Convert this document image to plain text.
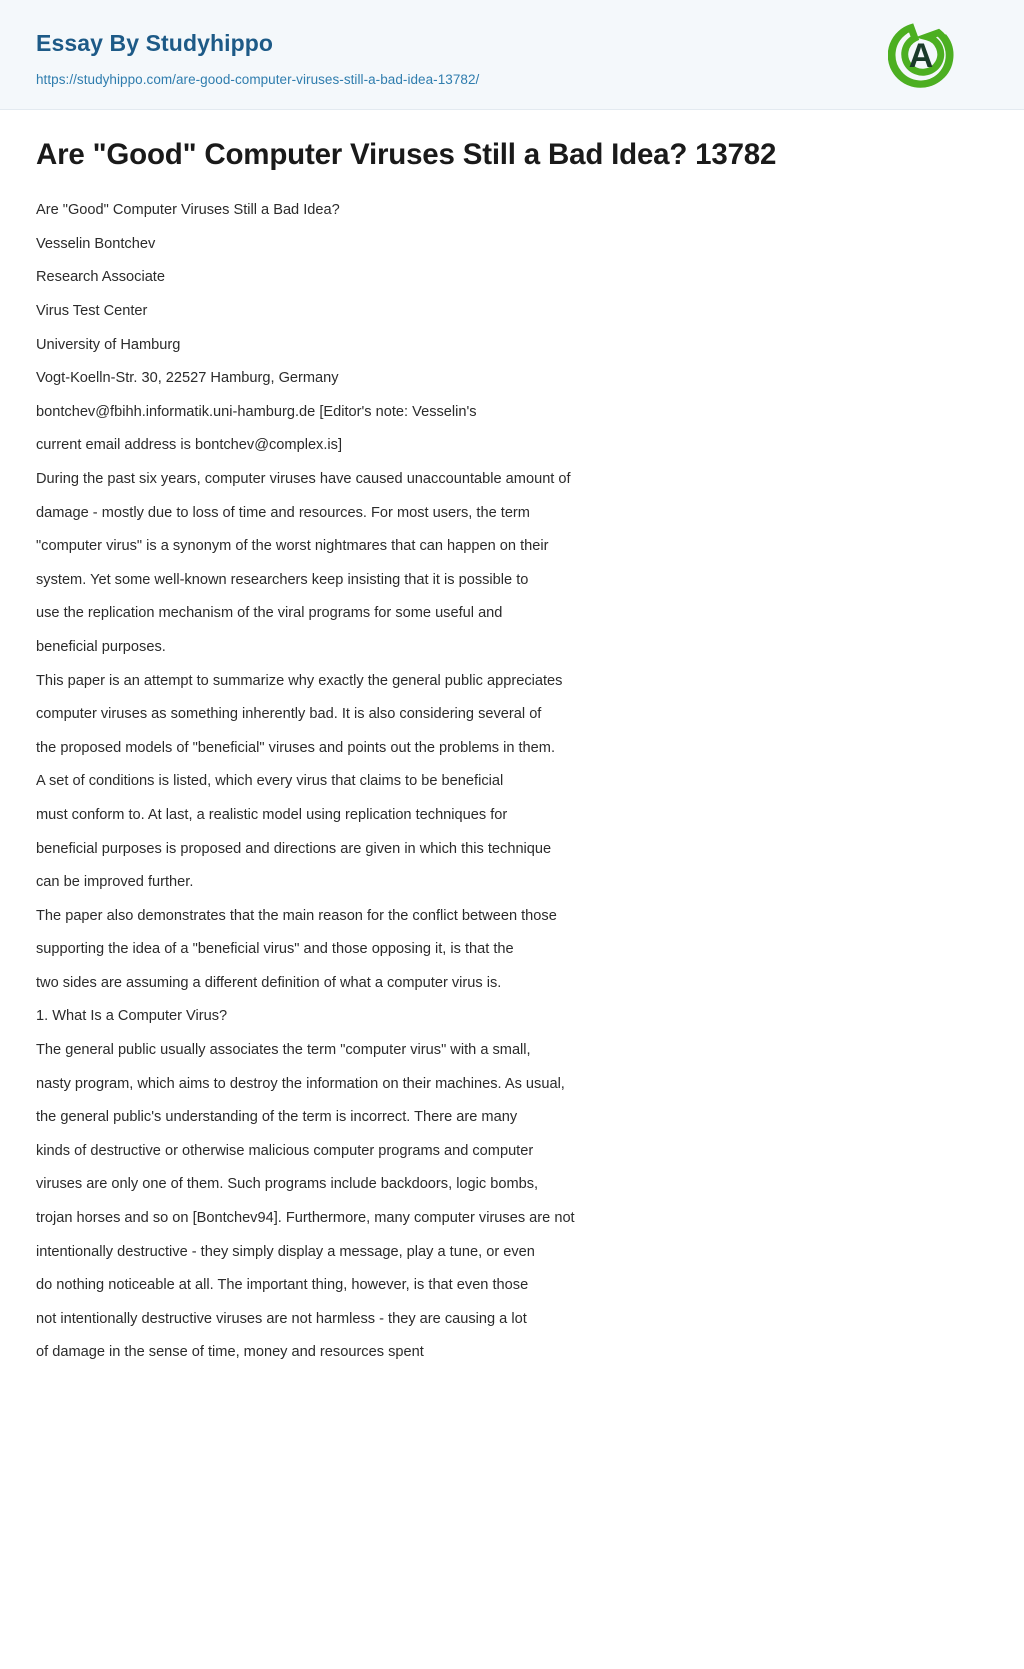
Essay By Studyhippo
https://studyhippo.com/are-good-computer-viruses-still-a-bad-idea-13782/
A
Are "Good" Computer Viruses Still a Bad Idea? 13782
Are "Good" Computer Viruses Still a Bad Idea?
Vesselin Bontchev
Research Associate
Virus Test Center
University of Hamburg
Vogt-Koelln-Str. 30, 22527 Hamburg, Germany
bontchev@fbihh.informatik.uni-hamburg.de [Editor's note: Vesselin's
current email address is bontchev@complex.is]
During the past six years, computer viruses have caused unaccountable amount of
damage - mostly due to loss of time and resources. For most users, the term
"computer virus" is a synonym of the worst nightmares that can happen on their
system. Yet some well-known researchers keep insisting that it is possible to
use the replication mechanism of the viral programs for some useful and
beneficial purposes.
This paper is an attempt to summarize why exactly the general public appreciates
computer viruses as something inherently bad. It is also considering several of
the proposed models of "beneficial" viruses and points out the problems in them.
A set of conditions is listed, which every virus that claims to be beneficial
must conform to. At last, a realistic model using replication techniques for
beneficial purposes is proposed and directions are given in which this technique
can be improved further.
The paper also demonstrates that the main reason for the conflict between those
supporting the idea of a "beneficial virus" and those opposing it, is that the
two sides are assuming a different definition of what a computer virus is.
1. What Is a Computer Virus?
The general public usually associates the term "computer virus" with a small,
nasty program, which aims to destroy the information on their machines. As usual,
the general public's understanding of the term is incorrect. There are many
kinds of destructive or otherwise malicious computer programs and computer
viruses are only one of them. Such programs include backdoors, logic bombs,
trojan horses and so on [Bontchev94]. Furthermore, many computer viruses are not
intentionally destructive - they simply display a message, play a tune, or even
do nothing noticeable at all. The important thing, however, is that even those
not intentionally destructive viruses are not harmless - they are causing a lot
of damage in the sense of time, money and resources spent
